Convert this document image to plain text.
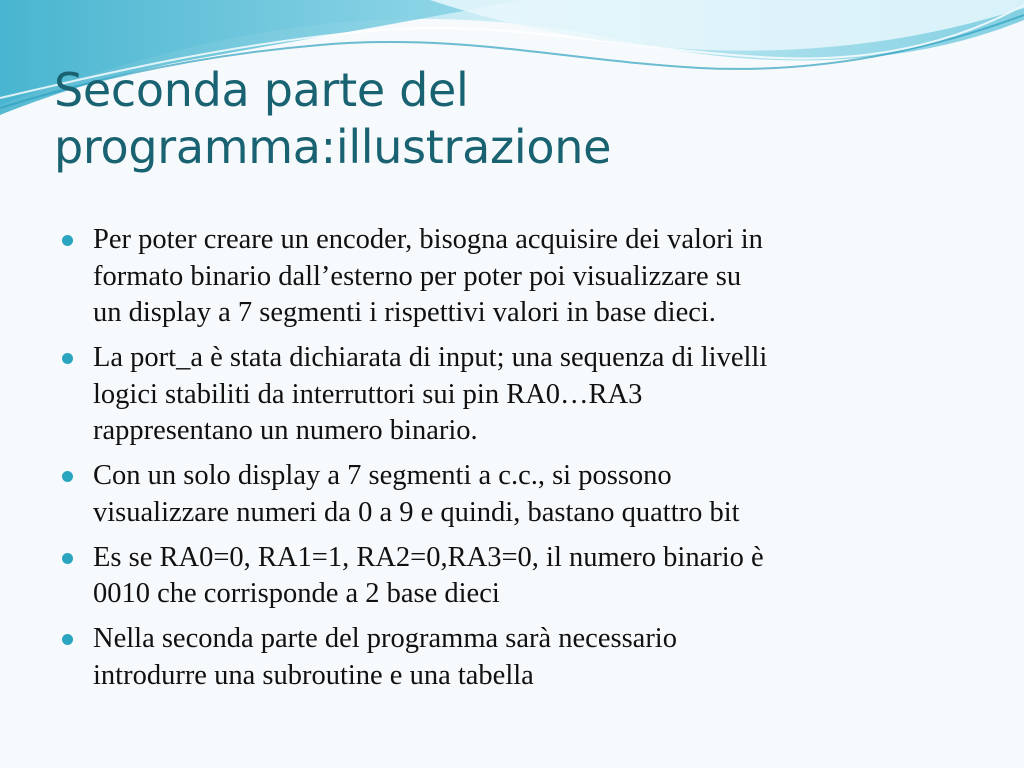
Seconda parte del
programma:illustrazione
Per poter creare un encoder, bisogna acquisire dei valori in
formato binario dall’esterno per poter poi visualizzare su
un display a 7 segmenti i rispettivi valori in base dieci.
La port_a è stata dichiarata di input; una sequenza di livelli
logici stabiliti da interruttori sui pin RA0…RA3
rappresentano un numero binario.
Con un solo display a 7 segmenti a c.c., si possono
visualizzare numeri da 0 a 9 e quindi, bastano quattro bit
Es se RA0=0, RA1=1, RA2=0,RA3=0, il numero binario è
0010 che corrisponde a 2 base dieci
Nella seconda parte del programma sarà necessario
introdurre una subroutine e una tabella
